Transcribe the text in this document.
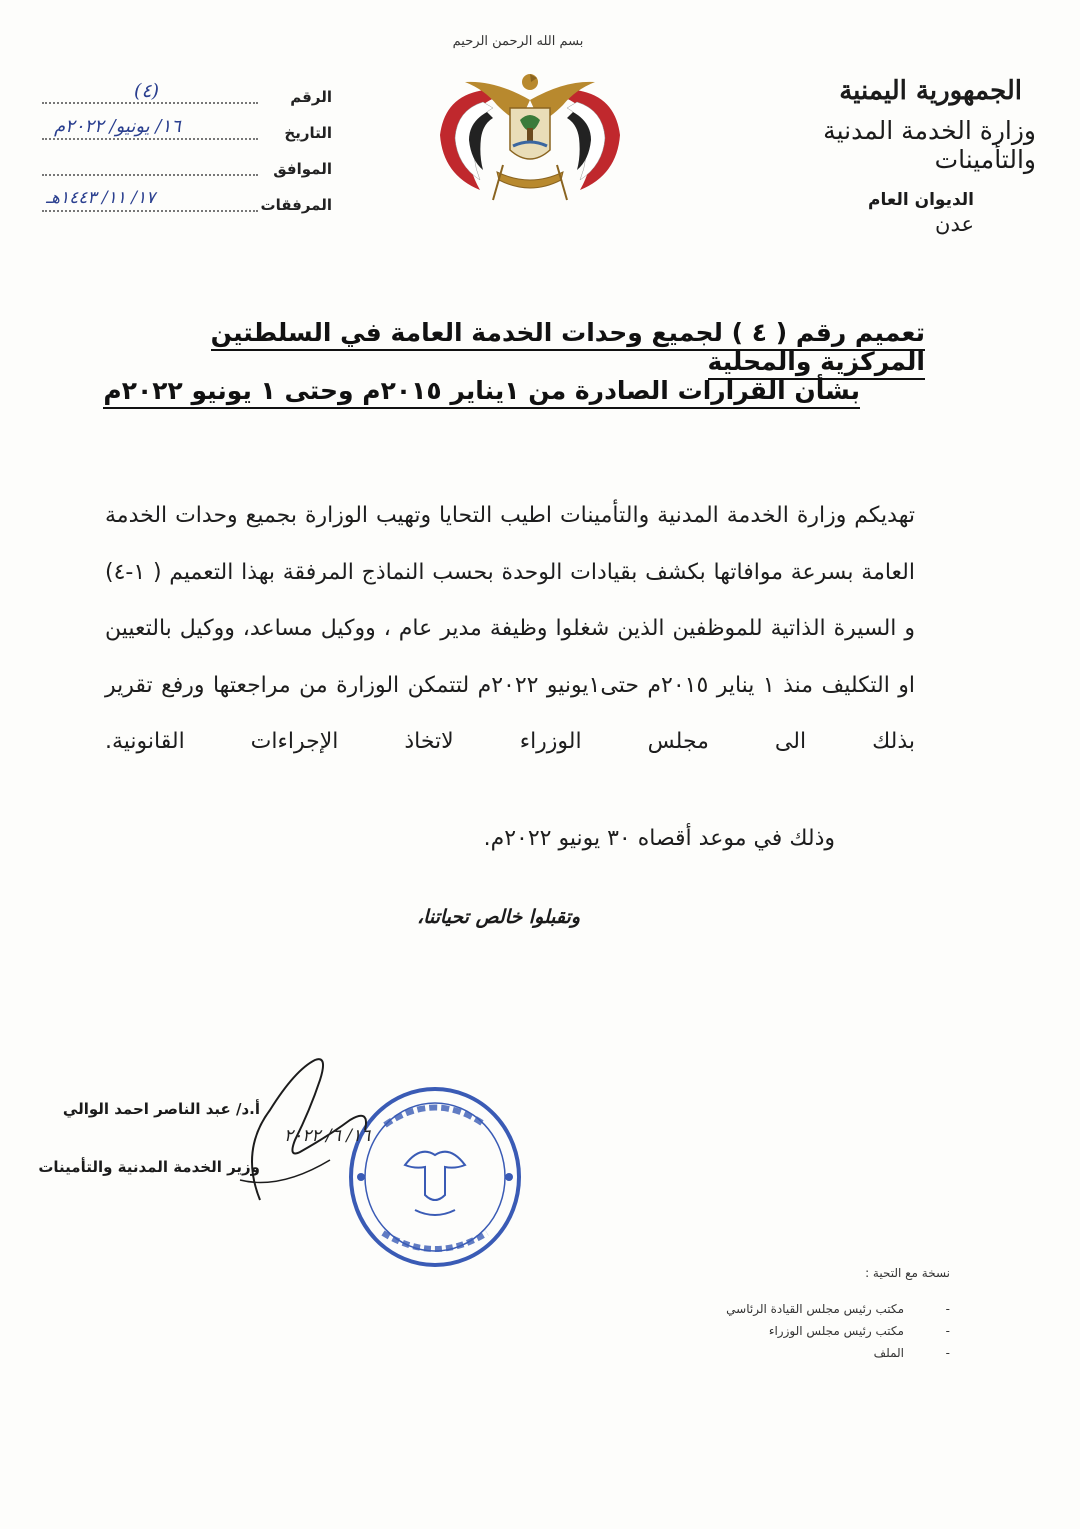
الرقم
(٤)
التاريخ
١٦/ يونيو/ ٢٠٢٢م
الموافق
المرفقات
١٧/ ١١/ ١٤٤٣هـ
بسم الله الرحمن الرحيم
الجمهورية اليمنية
وزارة الخدمة المدنية والتأمينات
الديوان العام
عدن
تعميم رقم ( ٤ ) لجميع وحدات الخدمة العامة في السلطتين المركزية والمحلية
بشأن القرارات الصادرة من ١يناير ٢٠١٥م وحتى ١ يونيو ٢٠٢٢م
تهديكم وزارة الخدمة المدنية والتأمينات اطيب التحايا وتهيب الوزارة بجميع وحدات الخدمة العامة بسرعة موافاتها بكشف بقيادات الوحدة بحسب النماذج المرفقة بهذا التعميم ( ١-٤) و السيرة الذاتية للموظفين الذين شغلوا وظيفة مدير عام ، ووكيل مساعد، ووكيل بالتعيين او التكليف منذ ١ يناير ٢٠١٥م حتى١يونيو ٢٠٢٢م لتتمكن الوزارة من مراجعتها ورفع تقرير بذلك الى مجلس الوزراء لاتخاذ الإجراءات القانونية.
وذلك في موعد أقصاه ٣٠ يونيو ٢٠٢٢م.
وتقبلوا خالص تحياتنا،
أ.د/ عبد الناصر احمد الوالي
١٦/ ٦/ ٢٠٢٢
وزير الخدمة المدنية والتأمينات
نسخة مع التحية :
-
مكتب رئيس مجلس القيادة الرئاسي
-
مكتب رئيس مجلس الوزراء
-
الملف
